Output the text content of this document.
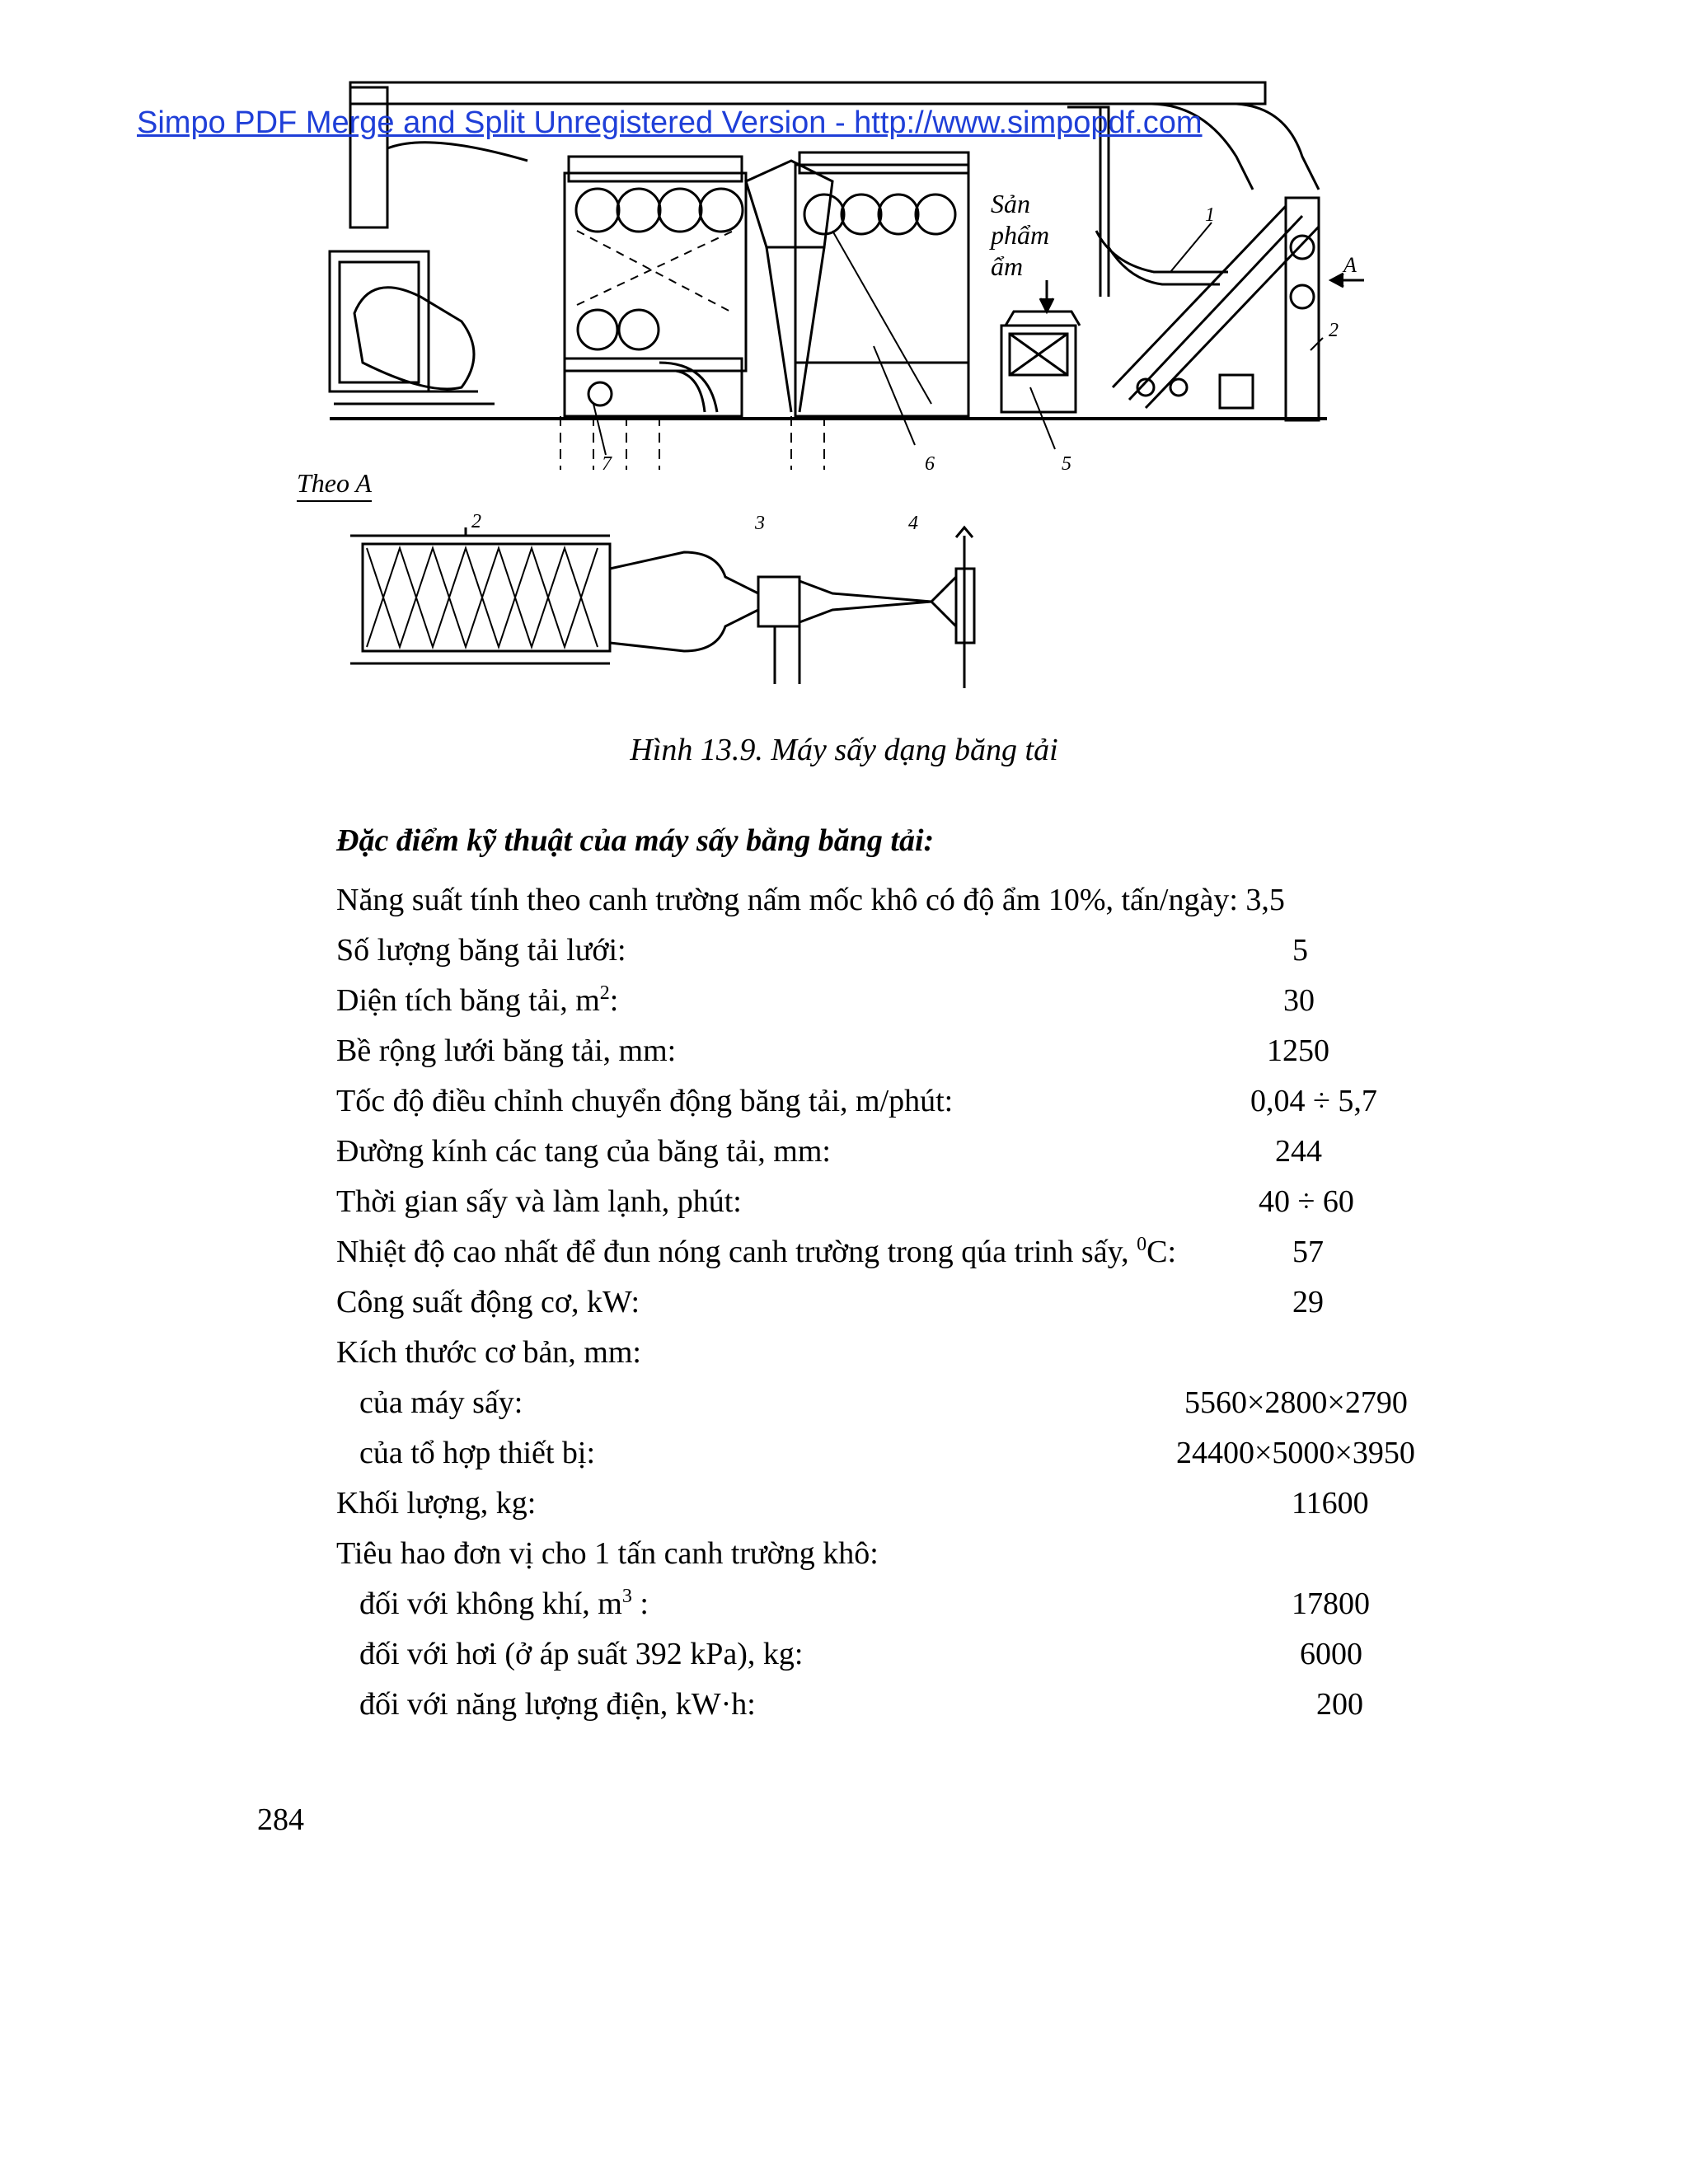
Simpo PDF Merge and Split Unregistered Version - http://www.simpopdf.com
Sản
phẩm
ẩm	A
1
2
2	3	4
5
6
7
Theo A
Hình 13.9. Máy sấy dạng băng tải
Đặc điểm kỹ thuật của máy sấy bằng băng tải:
Năng suất tính theo canh trường nấm mốc khô có độ ẩm 10%, tấn/ngày: 3,5
Số lượng băng tải lưới:	5
Diện tích băng tải, $m^2$:	30
Bề rộng lưới băng tải, mm:	1250
Tốc độ điều chỉnh chuyển động băng tải, m/phút:	0,04 ÷ 5,7
Đường kính các tang của băng tải, mm:	244
Thời gian sấy và làm lạnh, phút:	40 ÷ 60
Nhiệt độ cao nhất để đun nóng canh trường trong qúa trinh sấy, $^0$C:	57
Công suất động cơ, kW:	29
Kích thước cơ bản, mm:
của máy sấy:	5560×2800×2790
của tổ hợp thiết bị:	24400×5000×3950
Khối lượng, kg:	11600
Tiêu hao đơn vị cho 1 tấn canh trường khô:
đối với không khí, $m^3$ :	17800
đối với hơi (ở áp suất 392 kPa), kg:	6000
đối với năng lượng điện, kW·h:	200
284
